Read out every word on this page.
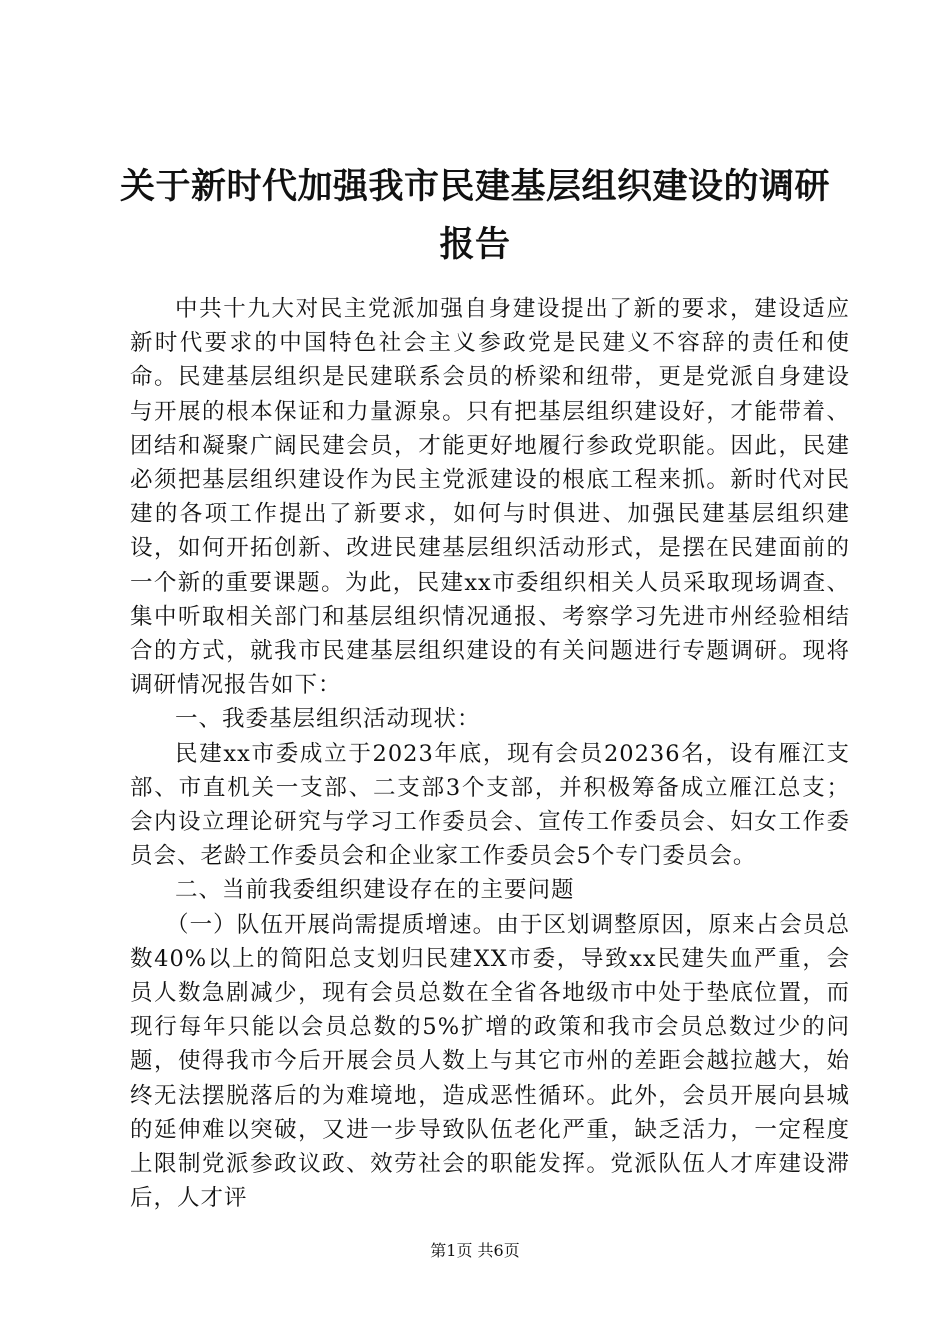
关于新时代加强我市民建基层组织建设的调研报告

中共十九大对民主党派加强自身建设提出了新的要求，建设适应新时代要求的中国特色社会主义参政党是民建义不容辞的责任和使命。民建基层组织是民建联系会员的桥梁和纽带，更是党派自身建设与开展的根本保证和力量源泉。只有把基层组织建设好，才能带着、团结和凝聚广阔民建会员，才能更好地履行参政党职能。因此，民建必须把基层组织建设作为民主党派建设的根底工程来抓。新时代对民建的各项工作提出了新要求，如何与时俱进、加强民建基层组织建设，如何开拓创新、改进民建基层组织活动形式，是摆在民建面前的一个新的重要课题。为此，民建xx市委组织相关人员采取现场调查、集中听取相关部门和基层组织情况通报、考察学习先进市州经验相结合的方式，就我市民建基层组织建设的有关问题进行专题调研。现将调研情况报告如下：

一、我委基层组织活动现状：

民建xx市委成立于2023年底，现有会员20236名，设有雁江支部、市直机关一支部、二支部3个支部，并积极筹备成立雁江总支；会内设立理论研究与学习工作委员会、宣传工作委员会、妇女工作委员会、老龄工作委员会和企业家工作委员会5个专门委员会。

二、当前我委组织建设存在的主要问题

（一）队伍开展尚需提质增速。由于区划调整原因，原来占会员总数40%以上的简阳总支划归民建XX市委，导致xx民建失血严重，会员人数急剧减少，现有会员总数在全省各地级市中处于垫底位置，而现行每年只能以会员总数的5%扩增的政策和我市会员总数过少的问题，使得我市今后开展会员人数上与其它市州的差距会越拉越大，始终无法摆脱落后的为难境地，造成恶性循环。此外，会员开展向县城的延伸难以突破，又进一步导致队伍老化严重，缺乏活力，一定程度上限制党派参政议政、效劳社会的职能发挥。党派队伍人才库建设滞后，人才评

第1页 共6页
